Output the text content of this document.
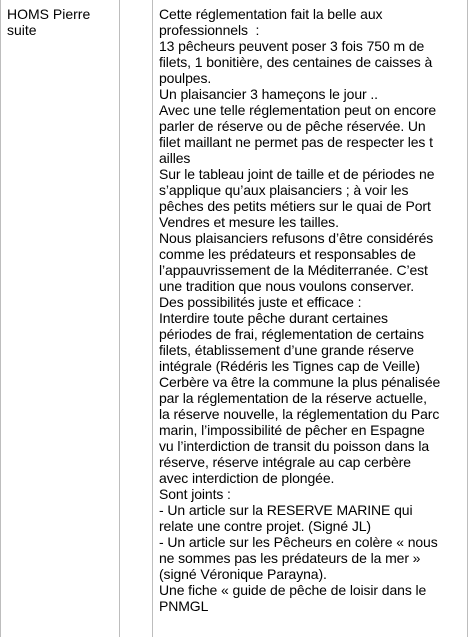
HOMS Pierre
suite
Cette réglementation fait la belle aux
professionnels  :
13 pêcheurs peuvent poser 3 fois 750 m de
filets, 1 bonitière, des centaines de caisses à
poulpes.
Un plaisancier 3 hameçons le jour ..
Avec une telle réglementation peut on encore
parler de réserve ou de pêche réservée. Un
filet maillant ne permet pas de respecter les t
ailles
Sur le tableau joint de taille et de périodes ne
s’applique qu’aux plaisanciers ; à voir les
pêches des petits métiers sur le quai de Port
Vendres et mesure les tailles.
Nous plaisanciers refusons d’être considérés
comme les prédateurs et responsables de
l’appauvrissement de la Méditerranée. C’est
une tradition que nous voulons conserver.
Des possibilités juste et efficace :
Interdire toute pêche durant certaines
périodes de frai, réglementation de certains
filets, établissement d’une grande réserve
intégrale (Rédéris les Tignes cap de Veille)
Cerbère va être la commune la plus pénalisée
par la réglementation de la réserve actuelle,
la réserve nouvelle, la réglementation du Parc
marin, l’impossibilité de pêcher en Espagne
vu l’interdiction de transit du poisson dans la
réserve, réserve intégrale au cap cerbère
avec interdiction de plongée.
Sont joints :
- Un article sur la RESERVE MARINE qui
relate une contre projet. (Signé JL)
- Un article sur les Pêcheurs en colère « nous
ne sommes pas les prédateurs de la mer »
(signé Véronique Parayna).
Une fiche « guide de pêche de loisir dans le
PNMGL
